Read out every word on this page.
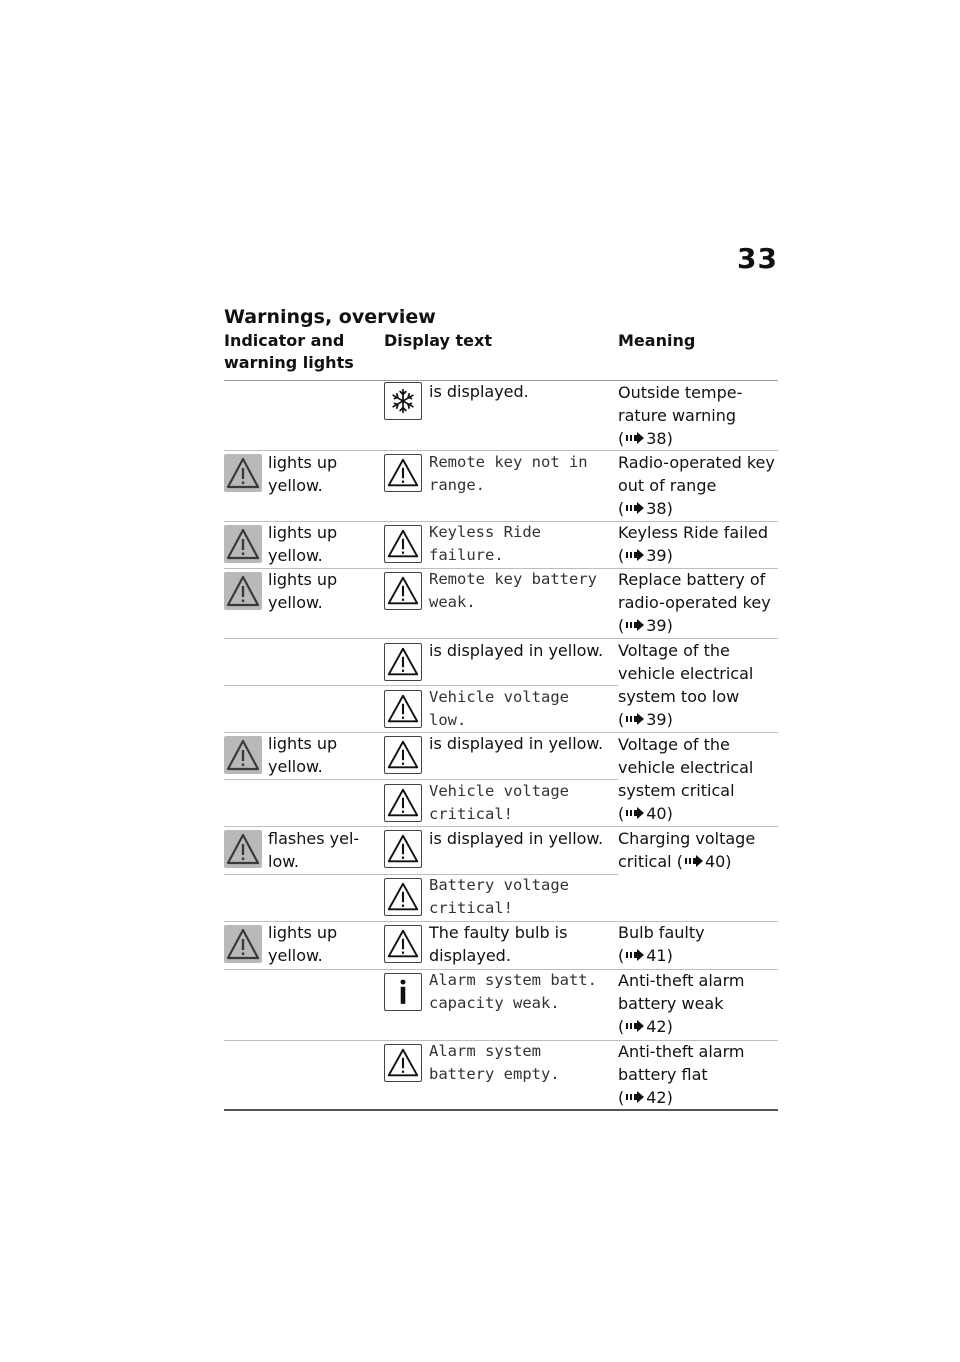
33
Warnings, overview
Indicator and warning lights
Display text	Meaning
is displayed.	Outside temperature warning
( 38)
lights up yellow.
Remote key not in range.
Radio-operated key out of range
( 38)
lights up yellow.
Keyless Ride failure.
Keyless Ride failed ( 39)
lights up yellow.
Remote key battery weak.
Replace battery of radio-operated key ( 39)
is displayed in yellow.
Vehicle voltage low.
Voltage of the vehicle electrical system too low
( 39)
lights up yellow.
is displayed in yellow.
Vehicle voltage critical!
Voltage of the vehicle electrical system critical
( 40)
flashes yellow.
is displayed in yellow.
Battery voltage critical!
Charging voltage critical ( 40)
lights up yellow.
The faulty bulb is displayed.
Bulb faulty
( 41)
Alarm system batt. capacity weak.
Anti-theft alarm battery weak
( 42)
Alarm system battery empty.
Anti-theft alarm battery flat
( 42)
